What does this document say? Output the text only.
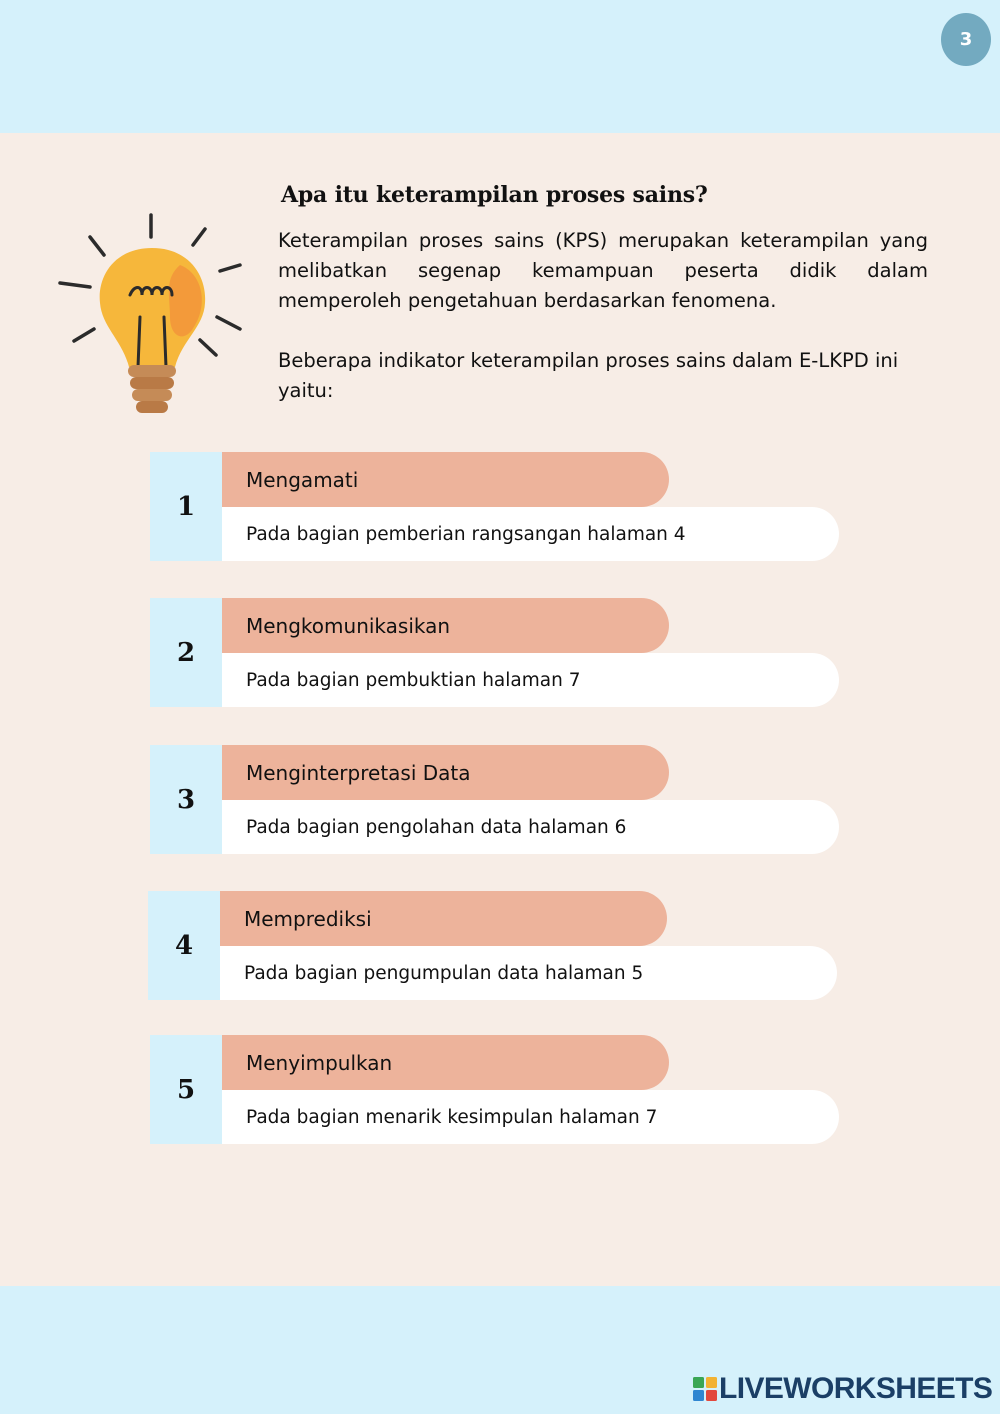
3
Apa itu keterampilan proses sains?
Keterampilan proses sains (KPS) merupakan keterampilan yang melibatkan segenap kemampuan peserta didik dalam memperoleh pengetahuan berdasarkan fenomena.
Beberapa indikator keterampilan proses sains dalam E-LKPD ini yaitu:
1
Mengamati
Pada bagian pemberian rangsangan halaman 4
2
Mengkomunikasikan
Pada bagian pembuktian halaman 7
3
Menginterpretasi Data
Pada bagian pengolahan data halaman 6
4
Memprediksi
Pada bagian pengumpulan data halaman 5
5
Menyimpulkan
Pada bagian menarik kesimpulan halaman 7
LIVEWORKSHEETS
